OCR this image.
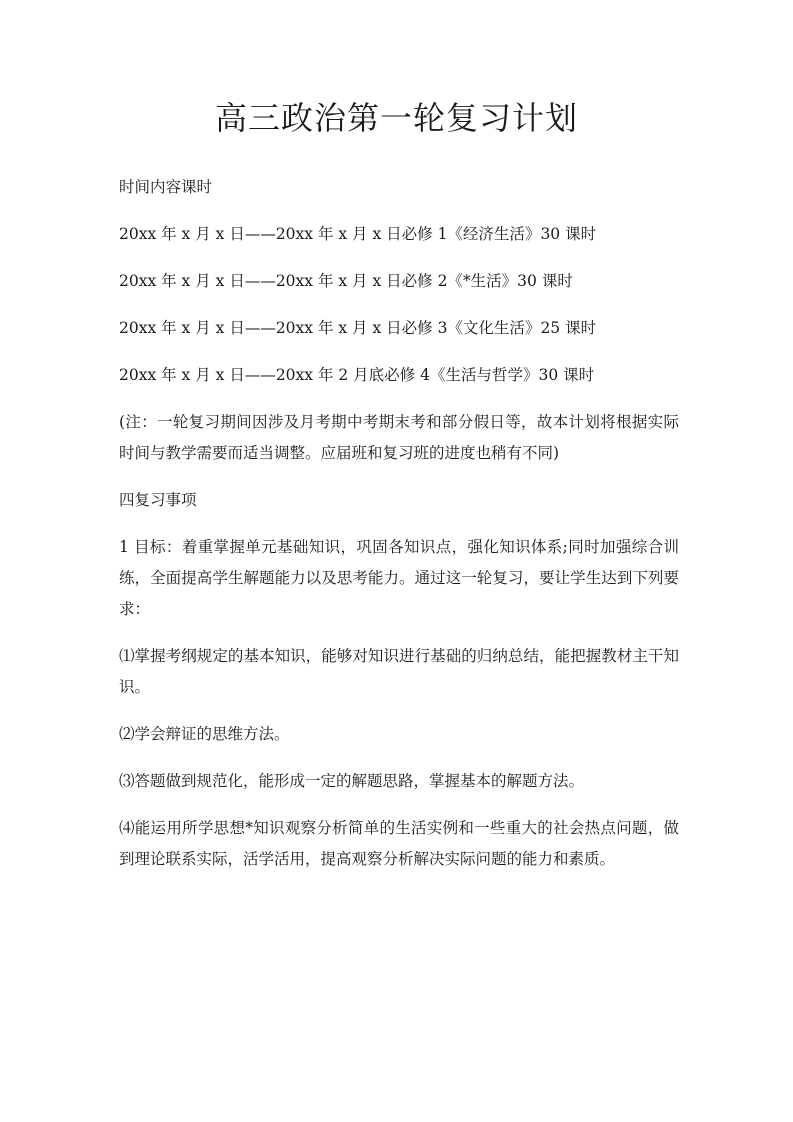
高三政治第一轮复习计划

时间内容课时

20xx 年 x 月 x 日——20xx 年 x 月 x 日必修 1《经济生活》30 课时

20xx 年 x 月 x 日——20xx 年 x 月 x 日必修 2《*生活》30 课时

20xx 年 x 月 x 日——20xx 年 x 月 x 日必修 3《文化生活》25 课时

20xx 年 x 月 x 日——20xx 年 2 月底必修 4《生活与哲学》30 课时

(注：一轮复习期间因涉及月考期中考期末考和部分假日等，故本计划将根据实际时间与教学需要而适当调整。应届班和复习班的进度也稍有不同)

四复习事项

1 目标：着重掌握单元基础知识，巩固各知识点，强化知识体系;同时加强综合训练，全面提高学生解题能力以及思考能力。通过这一轮复习，要让学生达到下列要求：

⑴掌握考纲规定的基本知识，能够对知识进行基础的归纳总结，能把握教材主干知识。

⑵学会辩证的思维方法。

⑶答题做到规范化，能形成一定的解题思路，掌握基本的解题方法。

⑷能运用所学思想*知识观察分析简单的生活实例和一些重大的社会热点问题，做到理论联系实际，活学活用，提高观察分析解决实际问题的能力和素质。
